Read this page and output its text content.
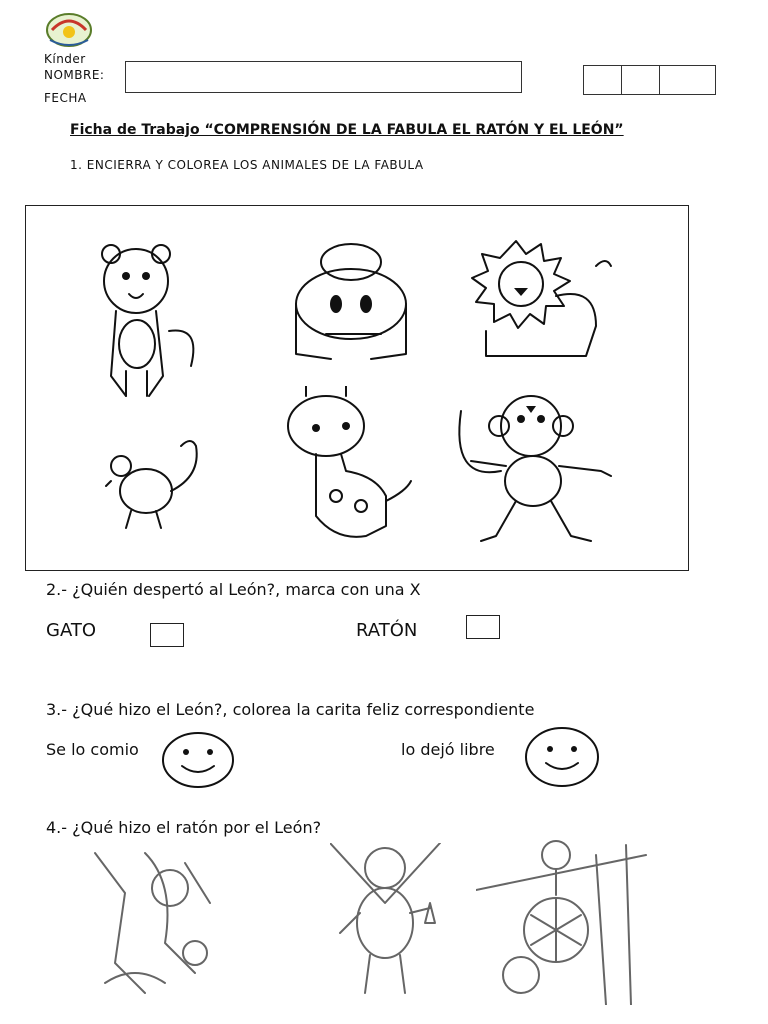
Kínder
NOMBRE:
FECHA
Ficha de Trabajo “COMPRENSIÓN DE LA FABULA EL RATÓN Y EL LEÓN”
1. ENCIERRA Y COLOREA LOS ANIMALES DE LA FABULA
2.- ¿Quién despertó al León?, marca con una X
GATO	RATÓN
3.- ¿Qué hizo el León?, colorea la carita feliz correspondiente
Se lo comio	lo dejó libre
4.- ¿Qué hizo el ratón por el León?
